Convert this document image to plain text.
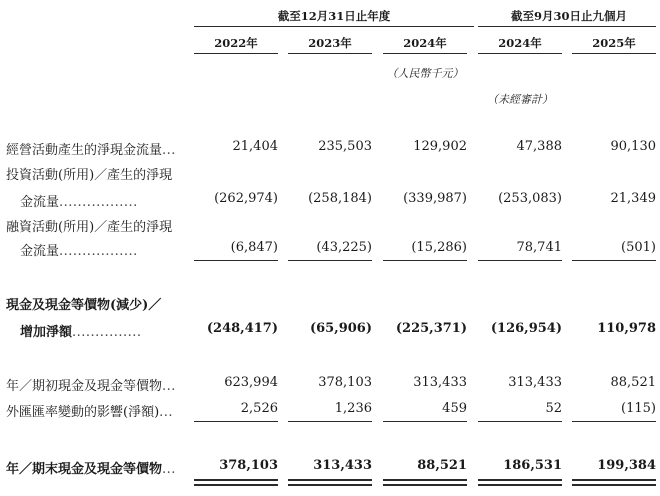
截至12月31日止年度	截至9月30日止九個月
2022年	2023年	2024年	2024年	2025年
（人民幣千元）
（未經審計）
經營活動產生的淨現金流量...	21,404	235,503	129,902	47,388	90,130
投資活動(所用)／產生的淨現
金流量.................	(262,974)	(258,184)	(339,987)	(253,083)	21,349
融資活動(所用)／產生的淨現
金流量.................	(6,847)	(43,225)	(15,286)	78,741	(501)
現金及現金等價物(減少)／
增加淨額...............	(248,417)	(65,906)	(225,371)	(126,954)	110,978
年／期初現金及現金等價物...	623,994	378,103	313,433	313,433	88,521
外匯匯率變動的影響(淨額)...	2,526	1,236	459	52	(115)
年／期末現金及現金等價物...	378,103	313,433	88,521	186,531	199,384
